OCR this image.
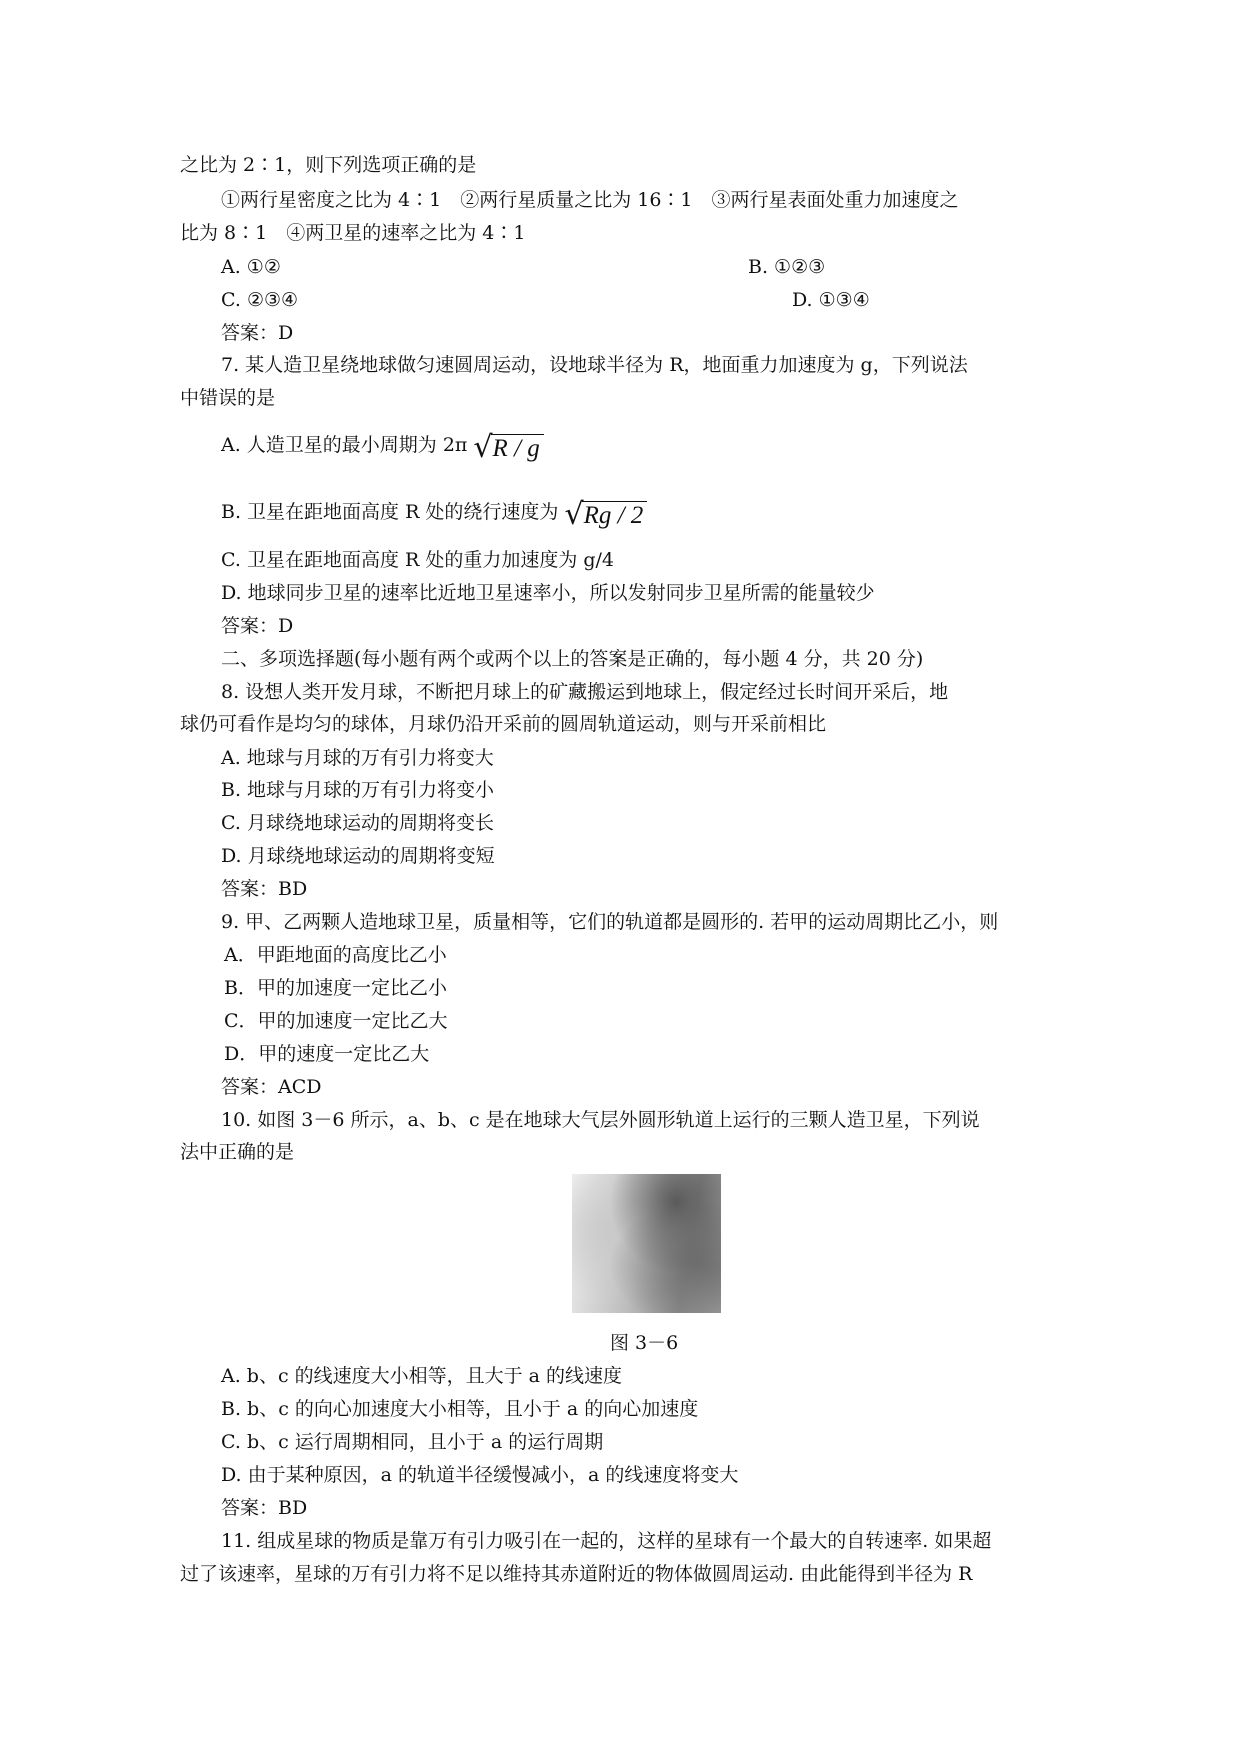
之比为 2∶1，则下列选项正确的是
①两行星密度之比为 4∶1　②两行星质量之比为 16∶1　③两行星表面处重力加速度之
比为 8∶1　④两卫星的速率之比为 4∶1
A. ①②	B. ①②③
C. ②③④	D. ①③④
答案：D
7. 某人造卫星绕地球做匀速圆周运动，设地球半径为 R，地面重力加速度为 g，下列说法
中错误的是
A. 人造卫星的最小周期为 2π √ R / g
B. 卫星在距地面高度 R 处的绕行速度为 √ Rg / 2
C. 卫星在距地面高度 R 处的重力加速度为 g/4
D. 地球同步卫星的速率比近地卫星速率小，所以发射同步卫星所需的能量较少
答案：D
二、多项选择题(每小题有两个或两个以上的答案是正确的，每小题 4 分，共 20 分)
8. 设想人类开发月球，不断把月球上的矿藏搬运到地球上，假定经过长时间开采后，地
球仍可看作是均匀的球体，月球仍沿开采前的圆周轨道运动，则与开采前相比
A. 地球与月球的万有引力将变大
B. 地球与月球的万有引力将变小
C. 月球绕地球运动的周期将变长
D. 月球绕地球运动的周期将变短
答案：BD
9. 甲、乙两颗人造地球卫星，质量相等，它们的轨道都是圆形的. 若甲的运动周期比乙小，则
A．甲距地面的高度比乙小
B．甲的加速度一定比乙小
C．甲的加速度一定比乙大
D．甲的速度一定比乙大
答案：ACD
10. 如图 3－6 所示，a、b、c 是在地球大气层外圆形轨道上运行的三颗人造卫星，下列说
法中正确的是
图 3－6
A. b、c 的线速度大小相等，且大于 a 的线速度
B. b、c 的向心加速度大小相等，且小于 a 的向心加速度
C. b、c 运行周期相同，且小于 a 的运行周期
D. 由于某种原因，a 的轨道半径缓慢减小，a 的线速度将变大
答案：BD
11. 组成星球的物质是靠万有引力吸引在一起的，这样的星球有一个最大的自转速率. 如果超
过了该速率，星球的万有引力将不足以维持其赤道附近的物体做圆周运动. 由此能得到半径为 R
